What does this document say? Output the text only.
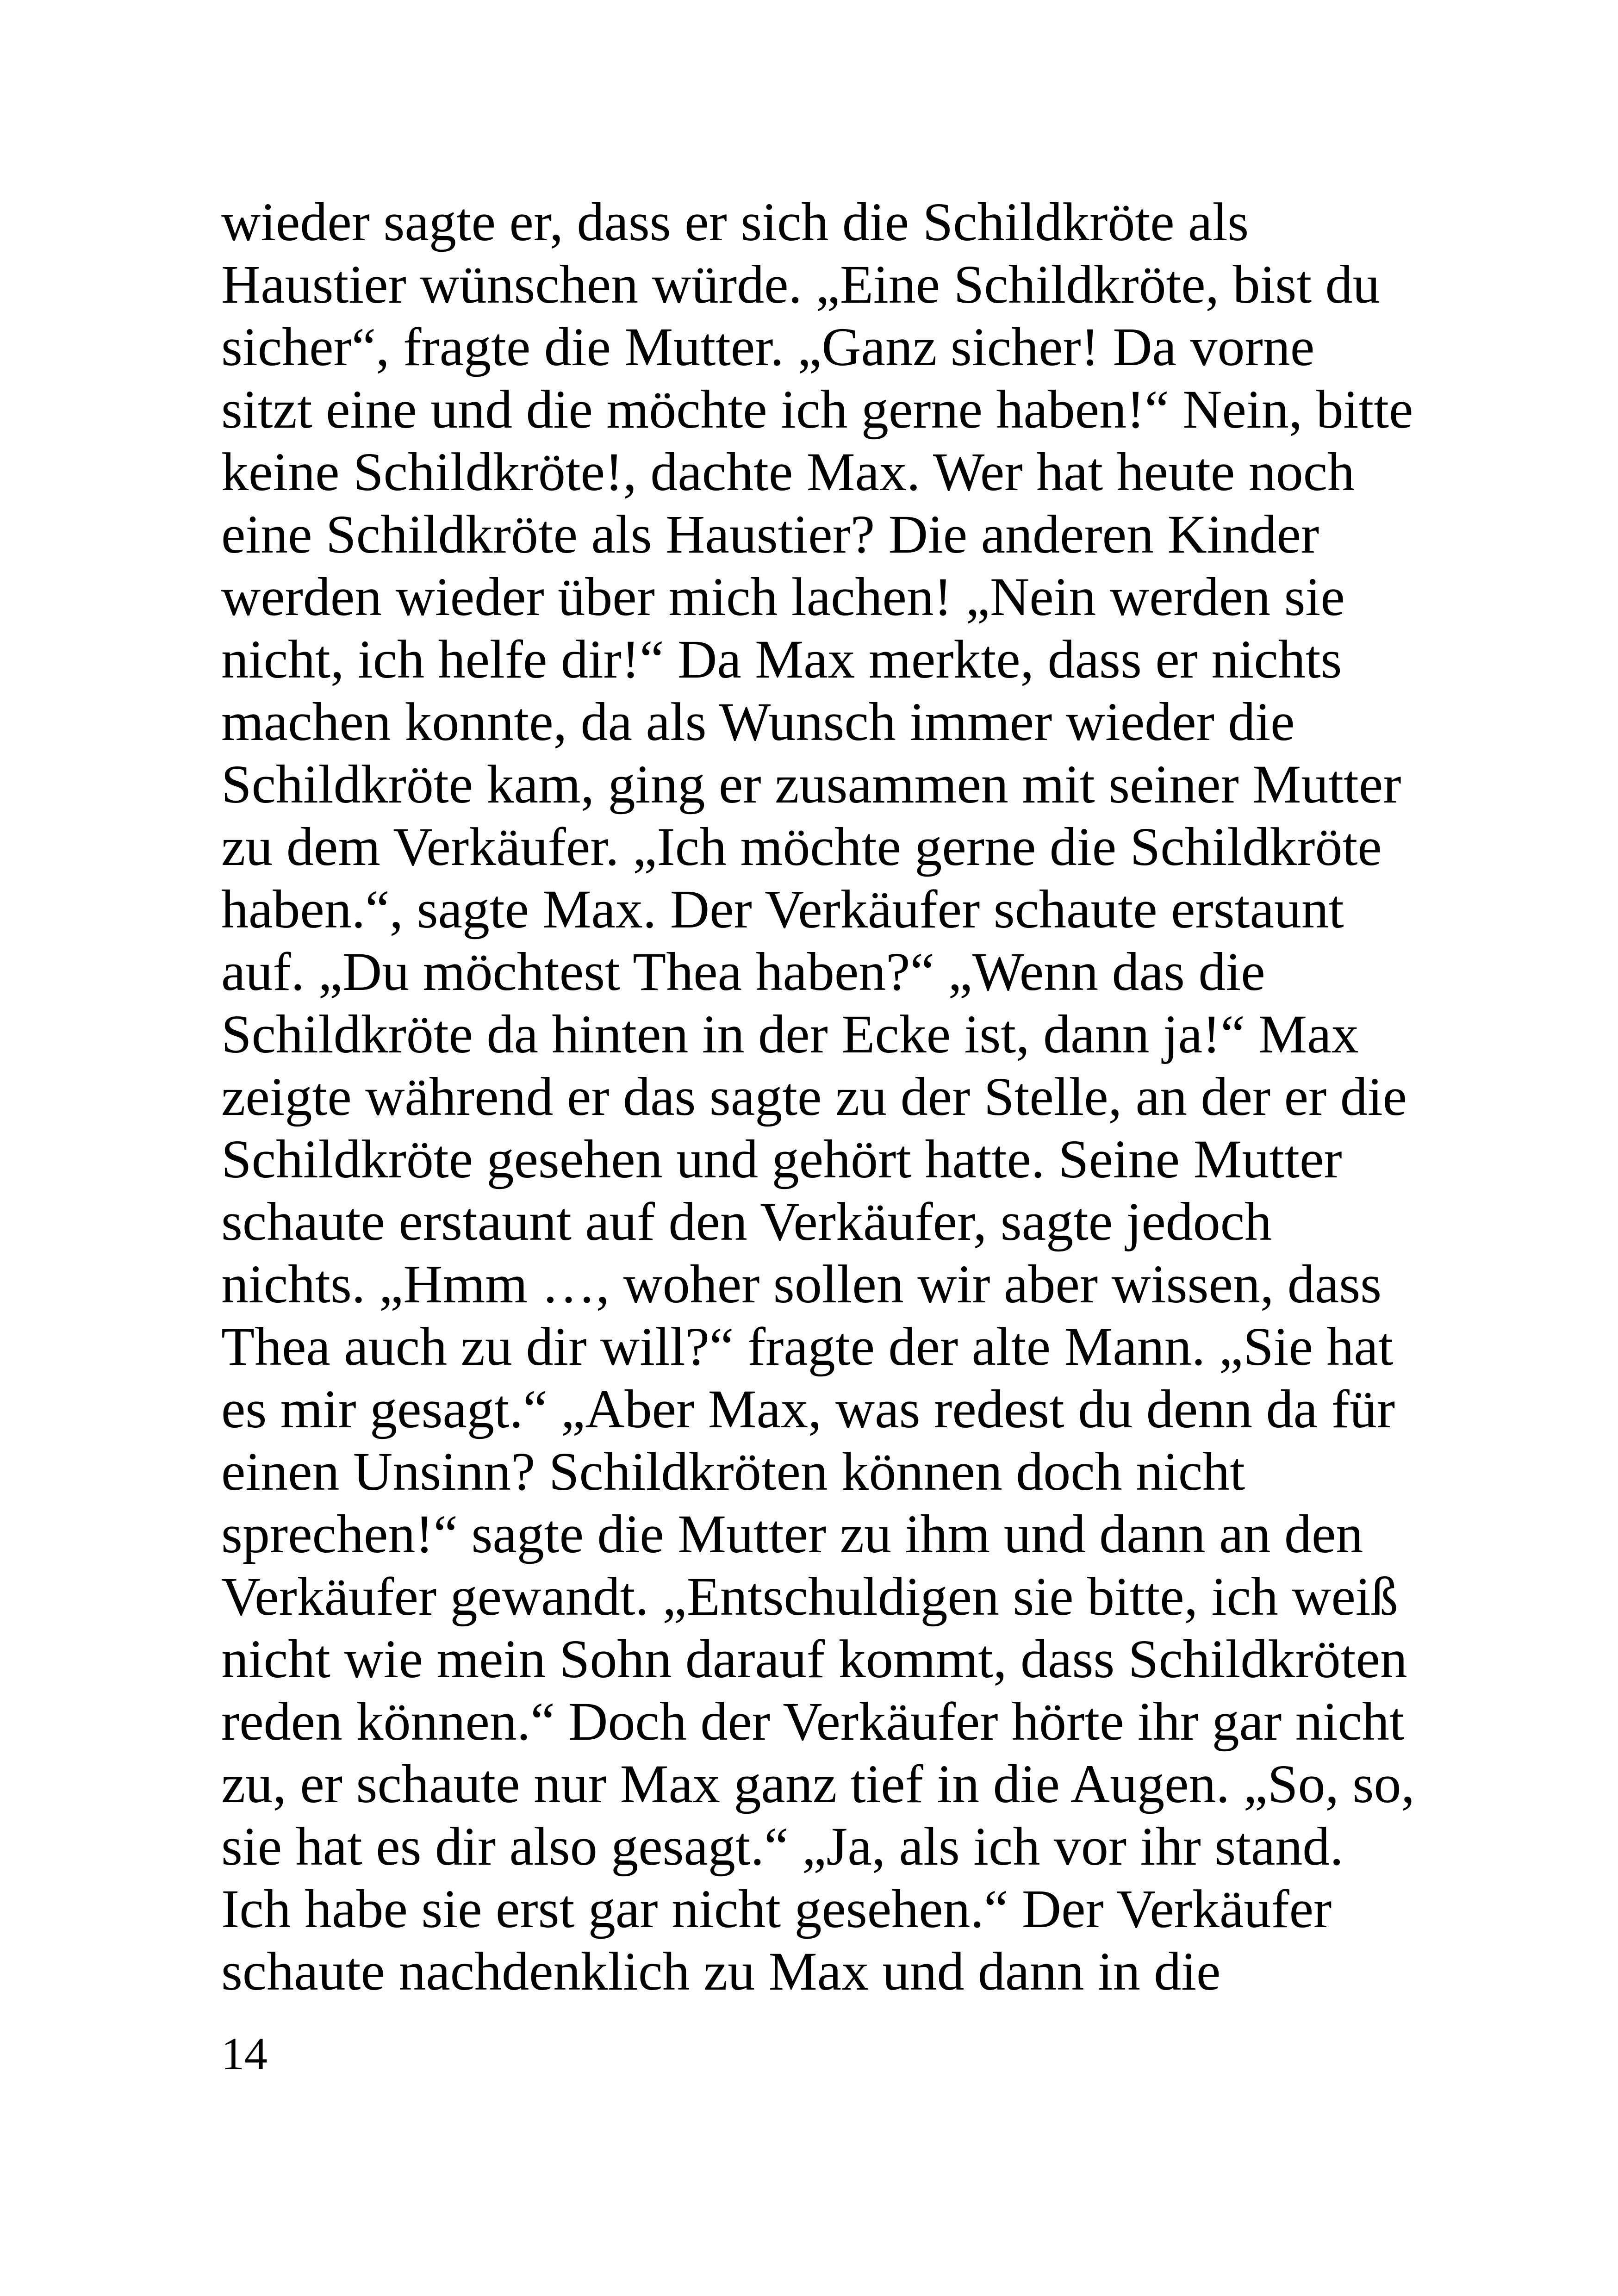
wieder sagte er, dass er sich die Schildkröte als
Haustier wünschen würde. „Eine Schildkröte, bist du
sicher“, fragte die Mutter. „Ganz sicher! Da vorne
sitzt eine und die möchte ich gerne haben!“ Nein, bitte
keine Schildkröte!, dachte Max. Wer hat heute noch
eine Schildkröte als Haustier? Die anderen Kinder
werden wieder über mich lachen! „Nein werden sie
nicht, ich helfe dir!“ Da Max merkte, dass er nichts
machen konnte, da als Wunsch immer wieder die
Schildkröte kam, ging er zusammen mit seiner Mutter
zu dem Verkäufer. „Ich möchte gerne die Schildkröte
haben.“, sagte Max. Der Verkäufer schaute erstaunt
auf. „Du möchtest Thea haben?“ „Wenn das die
Schildkröte da hinten in der Ecke ist, dann ja!“ Max
zeigte während er das sagte zu der Stelle, an der er die
Schildkröte gesehen und gehört hatte. Seine Mutter
schaute erstaunt auf den Verkäufer, sagte jedoch
nichts. „Hmm …, woher sollen wir aber wissen, dass
Thea auch zu dir will?“ fragte der alte Mann. „Sie hat
es mir gesagt.“ „Aber Max, was redest du denn da für
einen Unsinn? Schildkröten können doch nicht
sprechen!“ sagte die Mutter zu ihm und dann an den
Verkäufer gewandt. „Entschuldigen sie bitte, ich weiß
nicht wie mein Sohn darauf kommt, dass Schildkröten
reden können.“ Doch der Verkäufer hörte ihr gar nicht
zu, er schaute nur Max ganz tief in die Augen. „So, so,
sie hat es dir also gesagt.“ „Ja, als ich vor ihr stand.
Ich habe sie erst gar nicht gesehen.“ Der Verkäufer
schaute nachdenklich zu Max und dann in die
14
